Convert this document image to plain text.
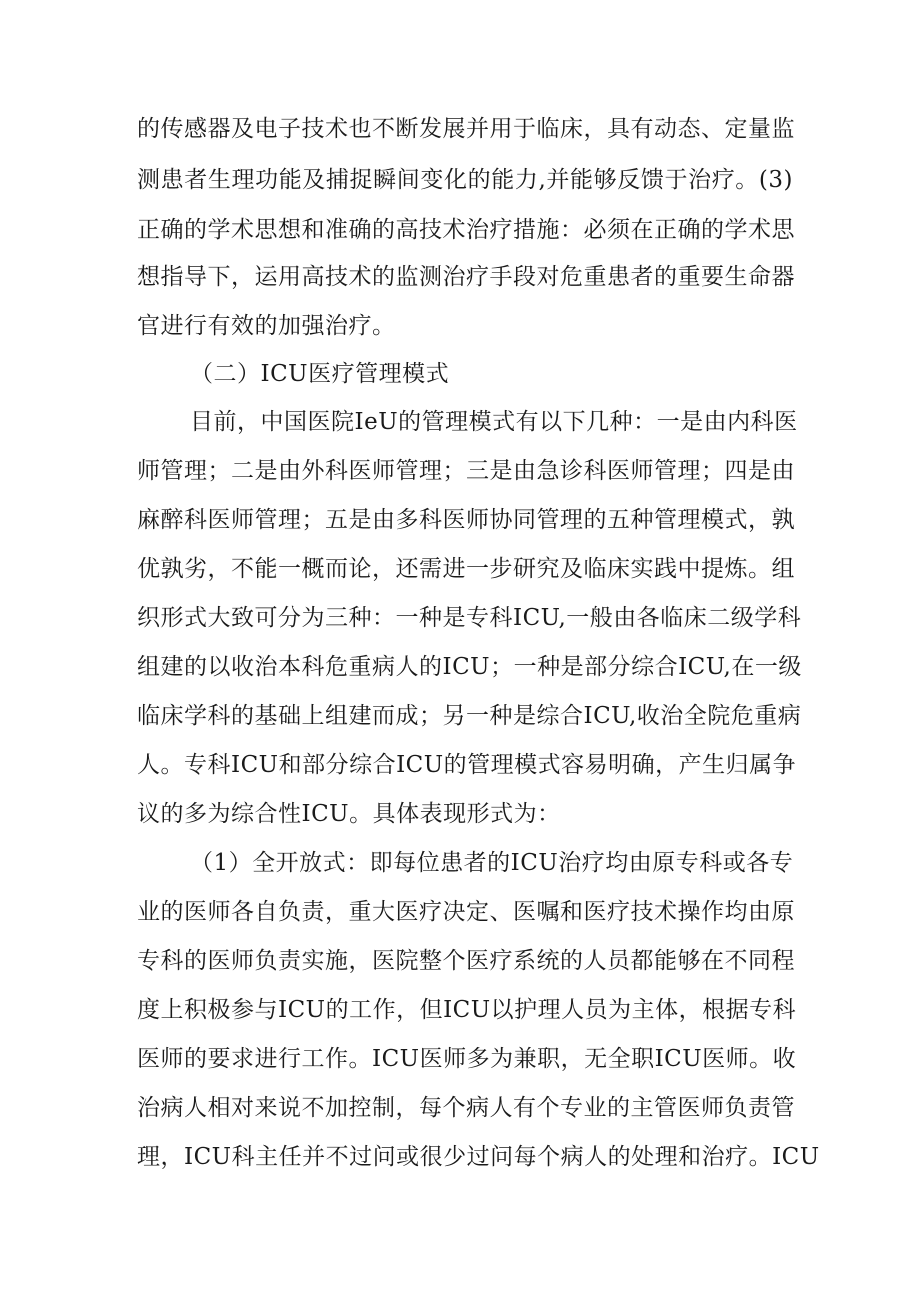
的传感器及电子技术也不断发展并用于临床，具有动态、定量监
测患者生理功能及捕捉瞬间变化的能力,并能够反馈于治疗。(3)
正确的学术思想和准确的高技术治疗措施：必须在正确的学术思
想指导下，运用高技术的监测治疗手段对危重患者的重要生命器
官进行有效的加强治疗。
（二）ICU医疗管理模式
目前，中国医院IeU的管理模式有以下几种：一是由内科医
师管理；二是由外科医师管理；三是由急诊科医师管理；四是由
麻醉科医师管理；五是由多科医师协同管理的五种管理模式，孰
优孰劣，不能一概而论，还需进一步研究及临床实践中提炼。组
织形式大致可分为三种：一种是专科ICU,一般由各临床二级学科
组建的以收治本科危重病人的ICU；一种是部分综合ICU,在一级
临床学科的基础上组建而成；另一种是综合ICU,收治全院危重病
人。专科ICU和部分综合ICU的管理模式容易明确，产生归属争
议的多为综合性ICU。具体表现形式为：
（1）全开放式：即每位患者的ICU治疗均由原专科或各专
业的医师各自负责，重大医疗决定、医嘱和医疗技术操作均由原
专科的医师负责实施，医院整个医疗系统的人员都能够在不同程
度上积极参与ICU的工作，但ICU以护理人员为主体，根据专科
医师的要求进行工作。ICU医师多为兼职，无全职ICU医师。收
治病人相对来说不加控制，每个病人有个专业的主管医师负责管
理，ICU科主任并不过问或很少过问每个病人的处理和治疗。ICU
